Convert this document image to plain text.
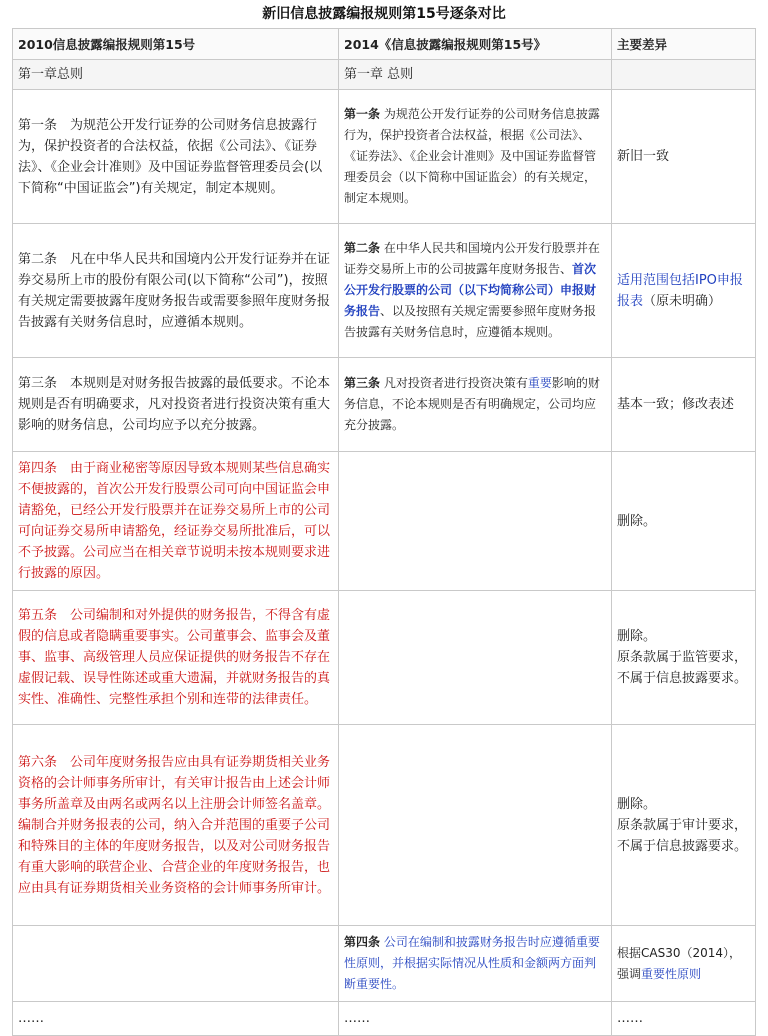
新旧信息披露编报规则第15号逐条对比
2010信息披露编报规则第15号	2014《信息披露编报规则第15号》	主要差异
第一章总则	第一章 总则	
第一条　为规范公开发行证券的公司财务信息披露行为，保护投资者的合法权益，依据《公司法》、《证券法》、《企业会计准则》及中国证券监督管理委员会(以下简称“中国证监会”)有关规定，制定本规则。	第一条 为规范公开发行证券的公司财务信息披露行为，保护投资者合法权益，根据《公司法》、《证券法》、《企业会计准则》及中国证券监督管理委员会（以下简称中国证监会）的有关规定，制定本规则。	新旧一致
第二条　凡在中华人民共和国境内公开发行证券并在证券交易所上市的股份有限公司(以下简称“公司”)，按照有关规定需要披露年度财务报告或需要参照年度财务报告披露有关财务信息时，应遵循本规则。	第二条 在中华人民共和国境内公开发行股票并在证券交易所上市的公司披露年度财务报告、首次公开发行股票的公司（以下均简称公司）申报财务报告、以及按照有关规定需要参照年度财务报告披露有关财务信息时，应遵循本规则。	适用范围包括IPO申报报表（原未明确）
第三条　本规则是对财务报告披露的最低要求。不论本规则是否有明确要求，凡对投资者进行投资决策有重大影响的财务信息，公司均应予以充分披露。	第三条 凡对投资者进行投资决策有重要影响的财务信息，不论本规则是否有明确规定，公司均应充分披露。	基本一致；修改表述
第四条　由于商业秘密等原因导致本规则某些信息确实不便披露的，首次公开发行股票公司可向中国证监会申请豁免，已经公开发行股票并在证券交易所上市的公司可向证券交易所申请豁免，经证券交易所批准后，可以不予披露。公司应当在相关章节说明未按本规则要求进行披露的原因。		删除。
第五条　公司编制和对外提供的财务报告，不得含有虚假的信息或者隐瞒重要事实。公司董事会、监事会及董事、监事、高级管理人员应保证提供的财务报告不存在虚假记载、误导性陈述或重大遗漏，并就财务报告的真实性、准确性、完整性承担个别和连带的法律责任。		删除。
原条款属于监管要求，不属于信息披露要求。

第六条　公司年度财务报告应由具有证券期货相关业务资格的会计师事务所审计，有关审计报告由上述会计师事务所盖章及由两名或两名以上注册会计师签名盖章。
编制合并财务报表的公司，纳入合并范围的重要子公司和特殊目的主体的年度财务报告，以及对公司财务报告有重大影响的联营企业、合营企业的年度财务报告，也应由具有证券期货相关业务资格的会计师事务所审计。		删除。
原条款属于审计要求，不属于信息披露要求。

	第四条 公司在编制和披露财务报告时应遵循重要性原则，并根据实际情况从性质和金额两方面判断重要性。	根据CAS30（2014），强调重要性原则
……	……	……
